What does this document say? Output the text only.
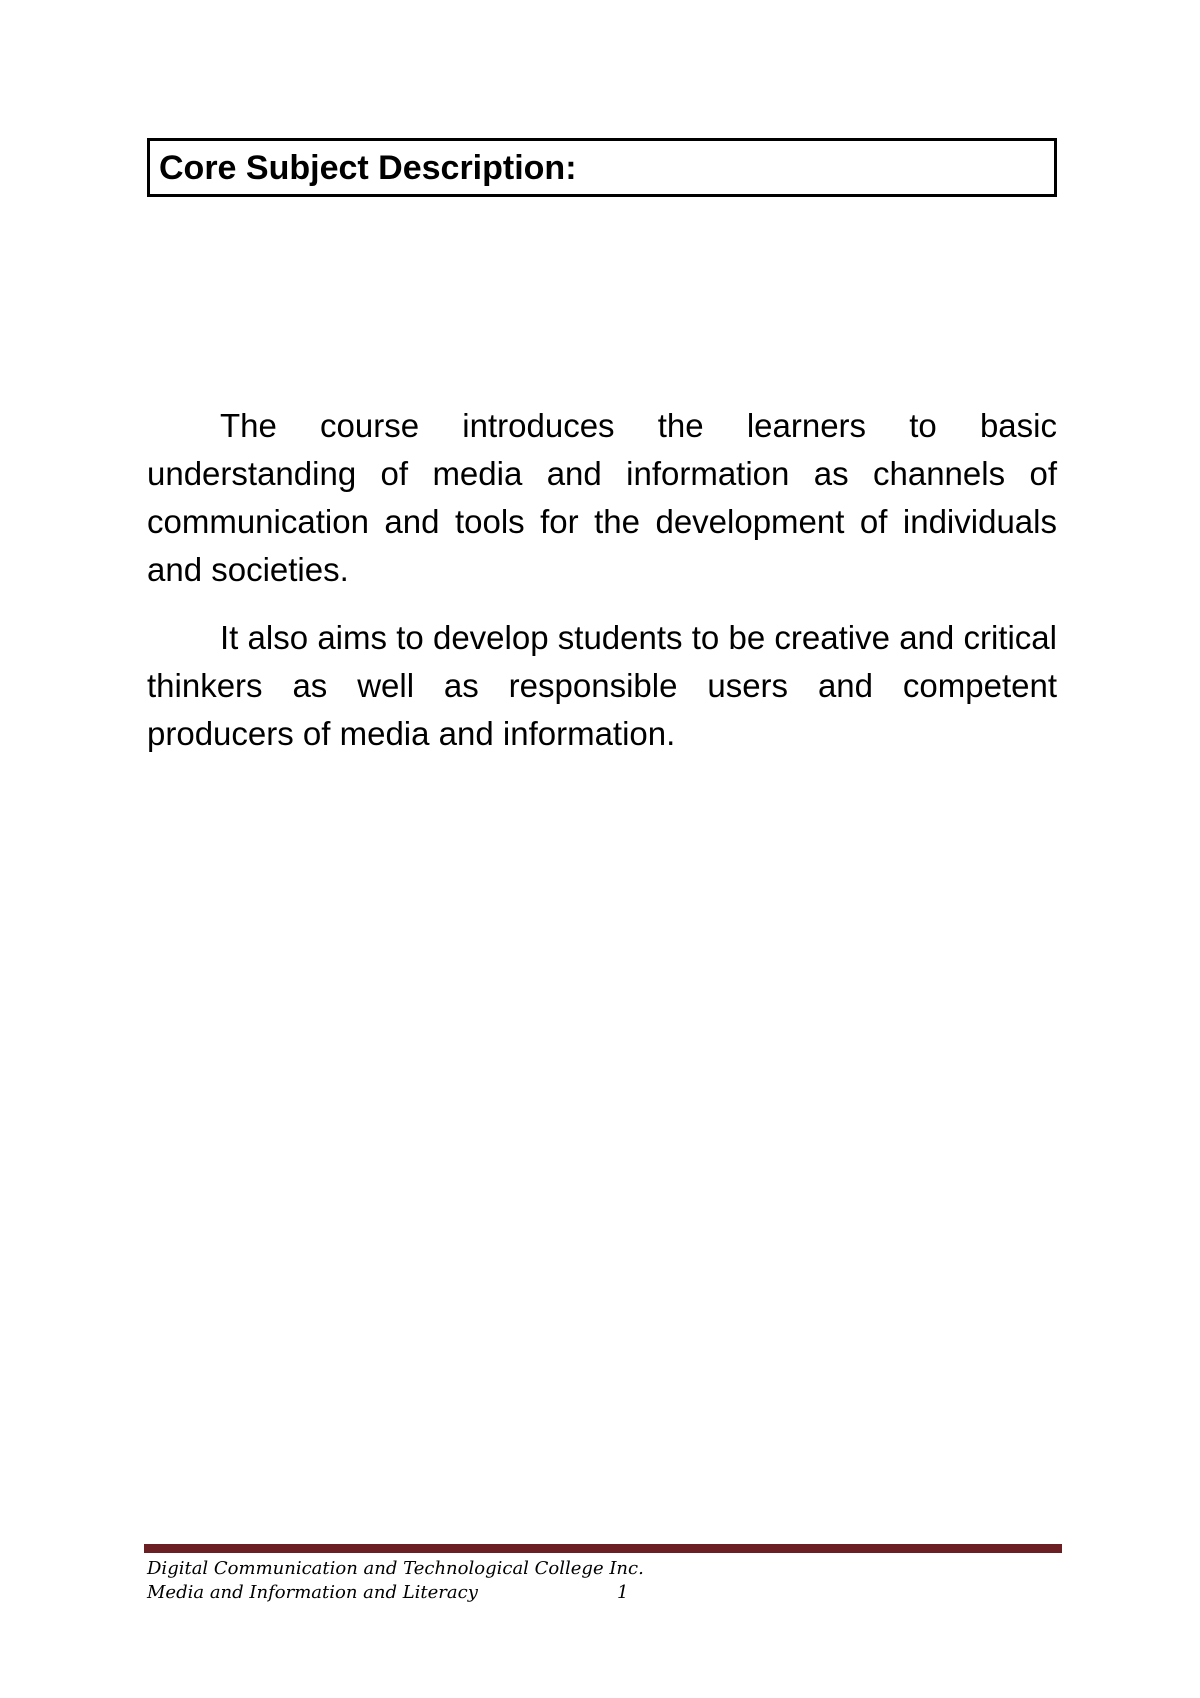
Core Subject Description:

The course introduces the learners to basic understanding of media and information as channels of communication and tools for the development of individuals and societies.

It also aims to develop students to be creative and critical thinkers as well as responsible users and competent producers of media and information.

Digital Communication and Technological College Inc.
Media and Information and Literacy	1
